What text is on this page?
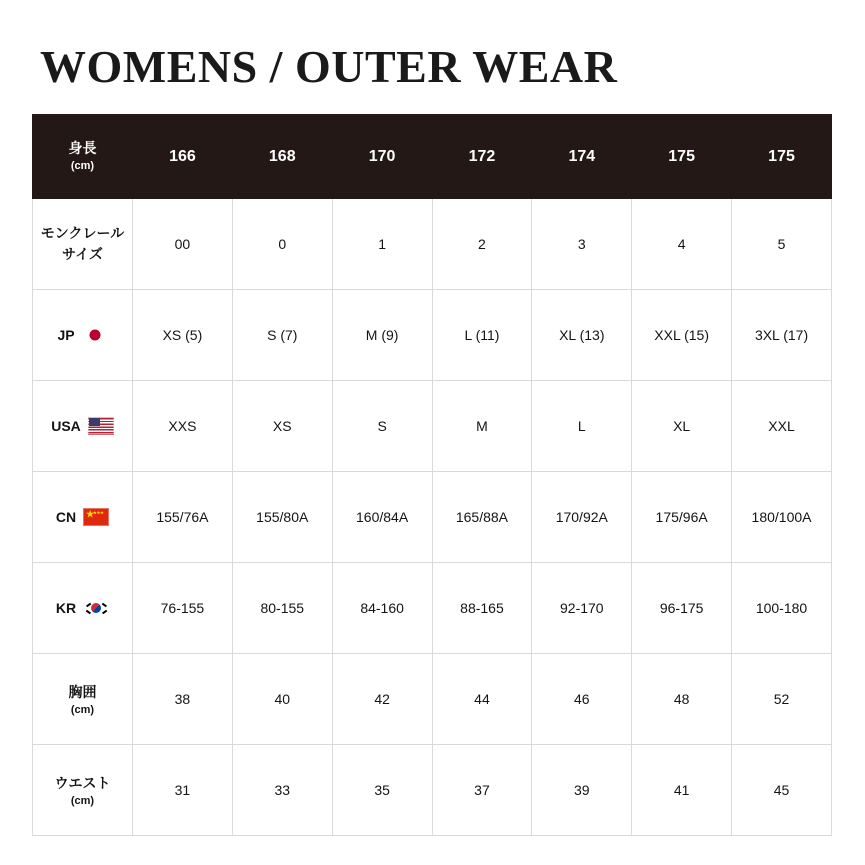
WOMENS / OUTER WEAR
身長
(cm)	166	168	170	172	174	175	175

モンクレール
サイズ	00	0	1	2	3	4	5

JP	XS (5)	S (7)	M (9)	L (11)	XL (13)	XXL (15)	3XL (17)

USA	XXS	XS	S	M	L	XL	XXL

CN
★★★ ★	155/76A	155/80A	160/84A	165/88A	170/92A	175/96A	180/100A

KR	76-155	80-155	84-160	88-165	92-170	96-175	100-180
胸囲
(cm)	38	40	42	44	46	48	52
ウエスト
(cm)	31	33	35	37	39	41	45
